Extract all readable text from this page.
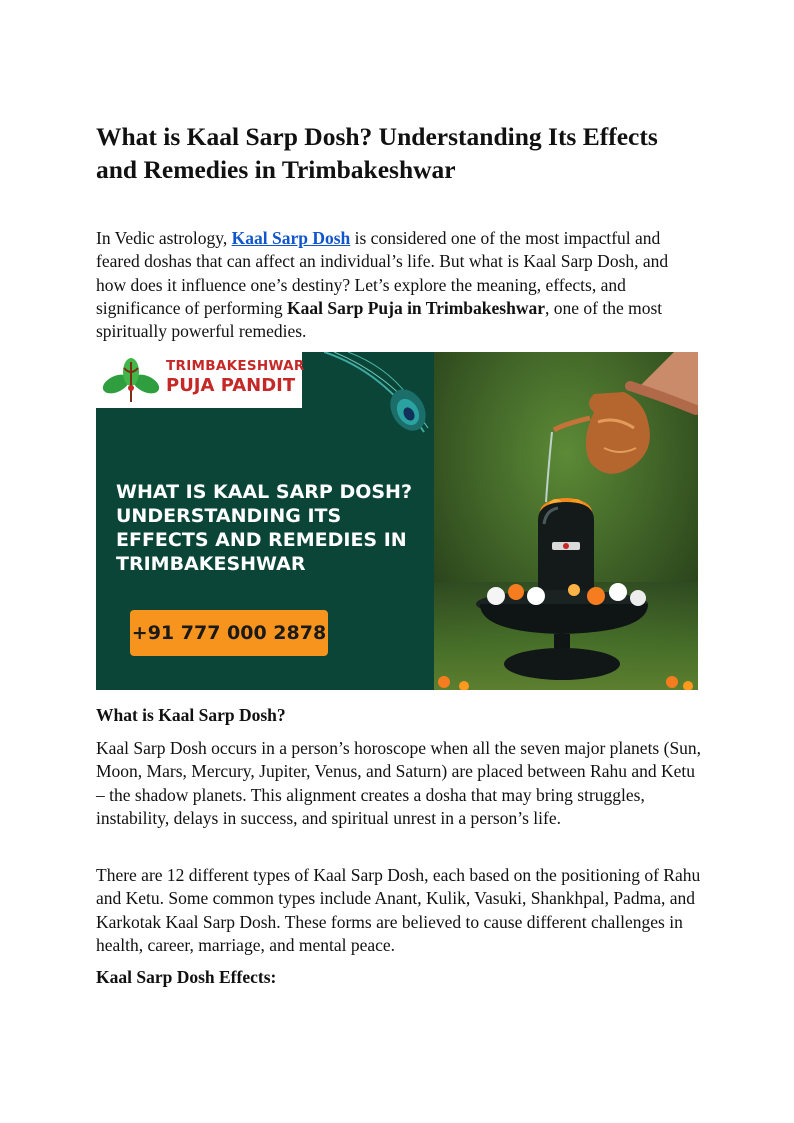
What is Kaal Sarp Dosh? Understanding Its Effects and Remedies in Trimbakeshwar

In Vedic astrology, Kaal Sarp Dosh is considered one of the most impactful and feared doshas that can affect an individual’s life. But what is Kaal Sarp Dosh, and how does it influence one’s destiny? Let’s explore the meaning, effects, and significance of performing Kaal Sarp Puja in Trimbakeshwar, one of the most spiritually powerful remedies.

TRIMBAKESHWAR
PUJA PANDIT
WHAT IS KAAL SARP DOSH? UNDERSTANDING ITS EFFECTS AND REMEDIES IN TRIMBAKESHWAR
+91 777 000 2878
What is Kaal Sarp Dosh?

Kaal Sarp Dosh occurs in a person’s horoscope when all the seven major planets (Sun, Moon, Mars, Mercury, Jupiter, Venus, and Saturn) are placed between Rahu and Ketu – the shadow planets. This alignment creates a dosha that may bring struggles, instability, delays in success, and spiritual unrest in a person’s life.

There are 12 different types of Kaal Sarp Dosh, each based on the positioning of Rahu and Ketu. Some common types include Anant, Kulik, Vasuki, Shankhpal, Padma, and Karkotak Kaal Sarp Dosh. These forms are believed to cause different challenges in health, career, marriage, and mental peace.

Kaal Sarp Dosh Effects:
